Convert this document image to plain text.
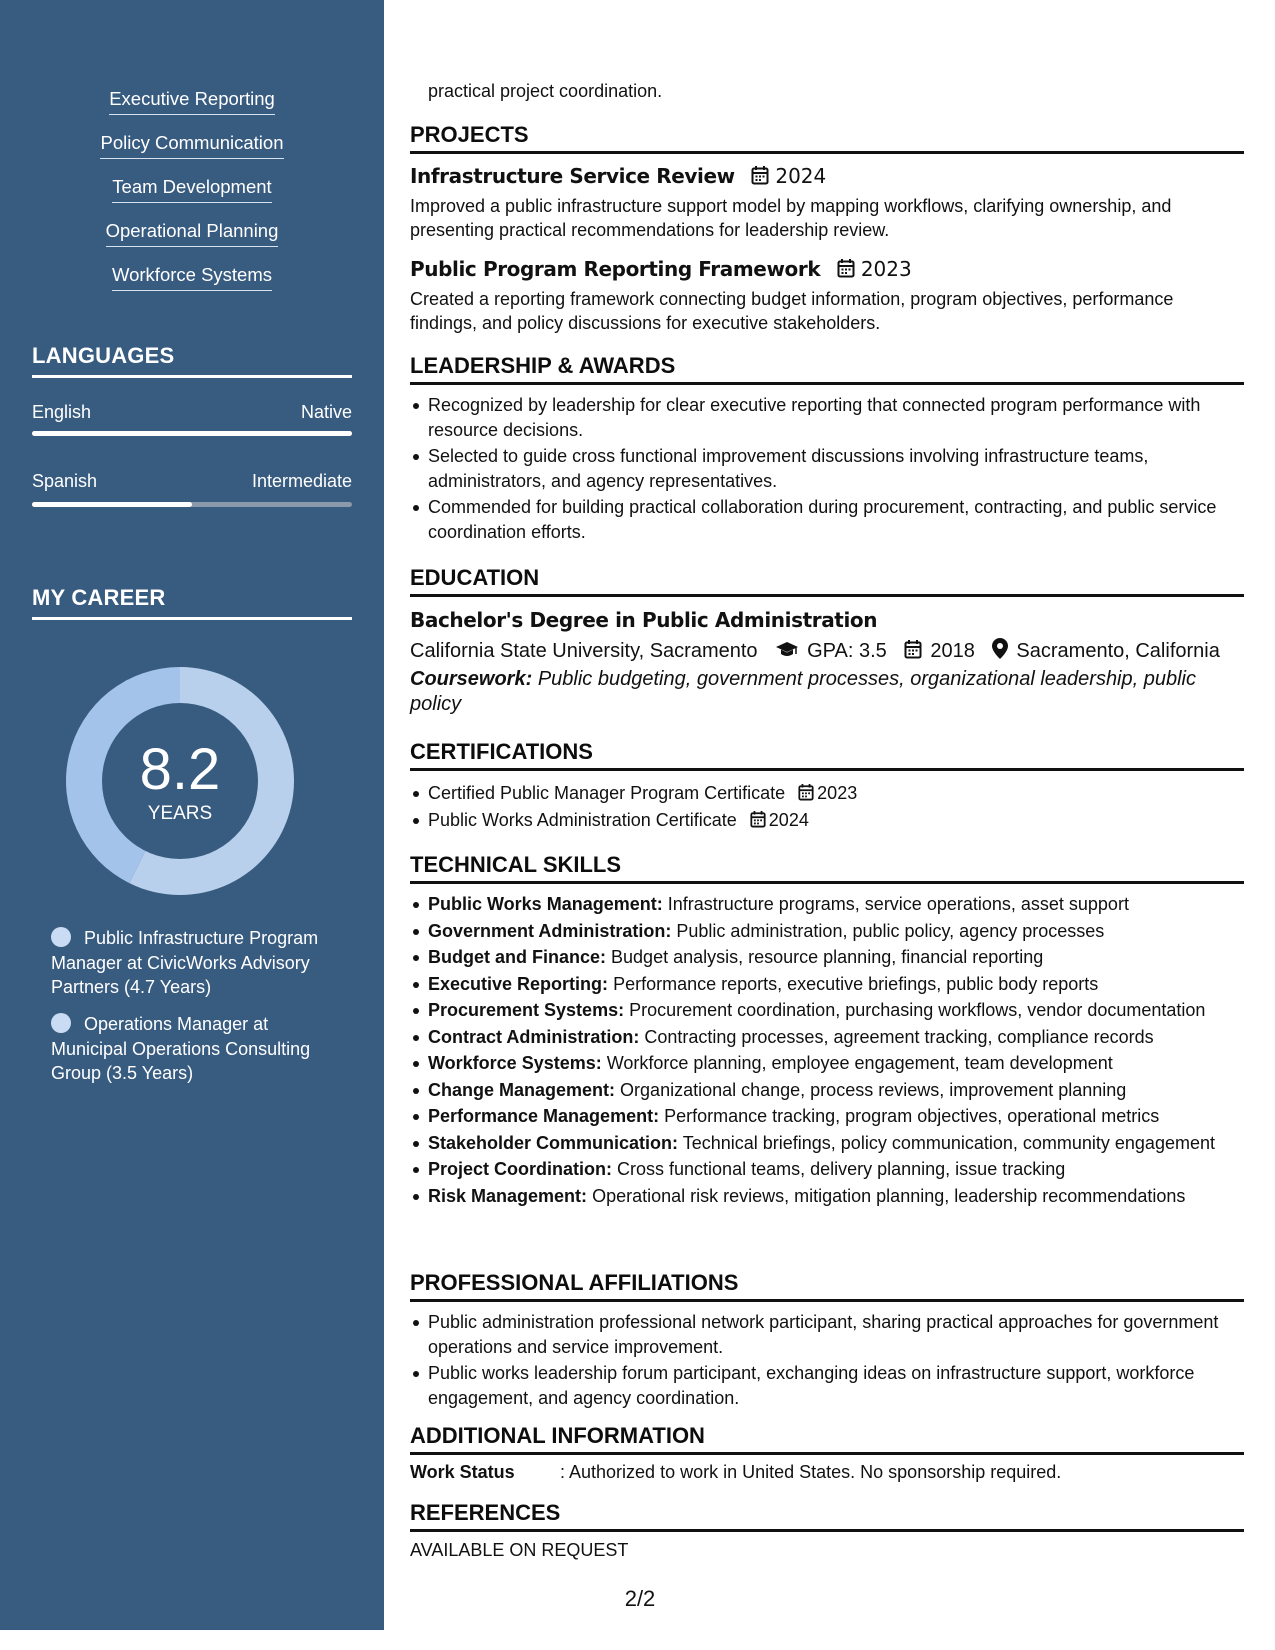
Executive Reporting
Policy Communication
Team Development
Operational Planning
Workforce Systems
LANGUAGES
English	Native
Spanish	Intermediate
MY CAREER
8.2
YEARS
Public Infrastructure Program Manager at CivicWorks Advisory Partners (4.7 Years)
Operations Manager at Municipal Operations Consulting Group (3.5 Years)
practical project coordination.
PROJECTS
Infrastructure Service Review 2024
Improved a public infrastructure support model by mapping workflows, clarifying ownership, and presenting practical recommendations for leadership review.
Public Program Reporting Framework 2023
Created a reporting framework connecting budget information, program objectives, performance findings, and policy discussions for executive stakeholders.
LEADERSHIP & AWARDS
Recognized by leadership for clear executive reporting that connected program performance with resource decisions.
Selected to guide cross functional improvement discussions involving infrastructure teams, administrators, and agency representatives.
Commended for building practical collaboration during procurement, contracting, and public service coordination efforts.
EDUCATION
Bachelor's Degree in Public Administration
California State University, Sacramento GPA: 3.5 2018 Sacramento, California
Coursework: Public budgeting, government processes, organizational leadership, public policy
CERTIFICATIONS
Certified Public Manager Program Certificate 2023
Public Works Administration Certificate 2024
TECHNICAL SKILLS
Public Works Management: Infrastructure programs, service operations, asset support
Government Administration: Public administration, public policy, agency processes
Budget and Finance: Budget analysis, resource planning, financial reporting
Executive Reporting: Performance reports, executive briefings, public body reports
Procurement Systems: Procurement coordination, purchasing workflows, vendor documentation
Contract Administration: Contracting processes, agreement tracking, compliance records
Workforce Systems: Workforce planning, employee engagement, team development
Change Management: Organizational change, process reviews, improvement planning
Performance Management: Performance tracking, program objectives, operational metrics
Stakeholder Communication: Technical briefings, policy communication, community engagement
Project Coordination: Cross functional teams, delivery planning, issue tracking
Risk Management: Operational risk reviews, mitigation planning, leadership recommendations
PROFESSIONAL AFFILIATIONS
Public administration professional network participant, sharing practical approaches for government operations and service improvement.
Public works leadership forum participant, exchanging ideas on infrastructure support, workforce engagement, and agency coordination.
ADDITIONAL INFORMATION
Work Status	: Authorized to work in United States. No sponsorship required.
REFERENCES
AVAILABLE ON REQUEST
2/2
